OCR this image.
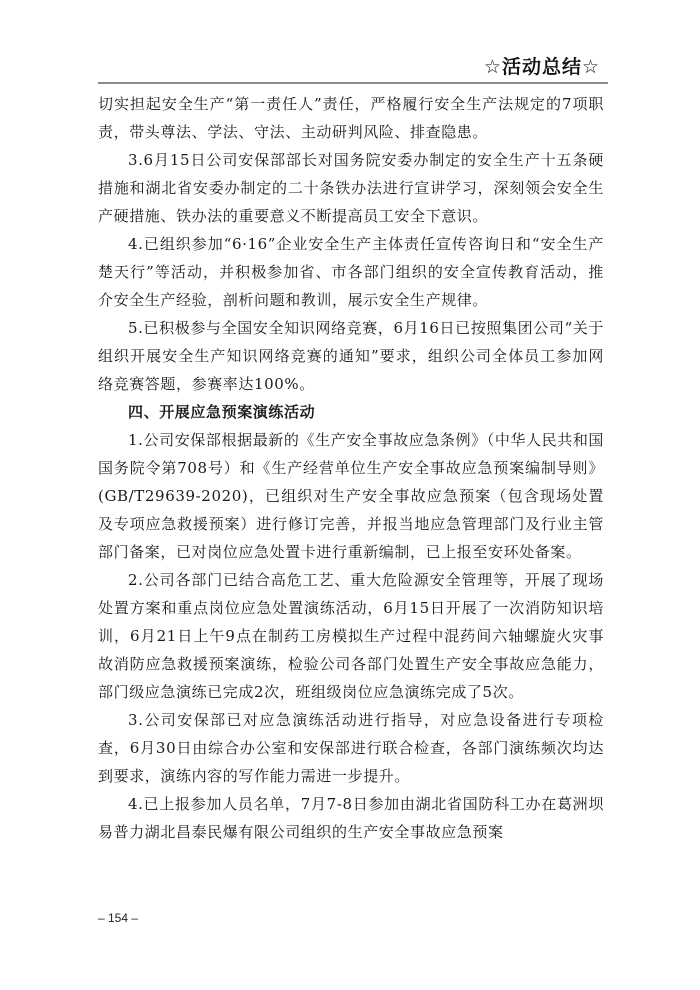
☆活动总结☆

切实担起安全生产“第一责任人”责任，严格履行安全生产法规定的7项职责，带头尊法、学法、守法、主动研判风险、排查隐患。

3.6月15日公司安保部部长对国务院安委办制定的安全生产十五条硬措施和湖北省安委办制定的二十条铁办法进行宣讲学习，深刻领会安全生产硬措施、铁办法的重要意义不断提高员工安全下意识。

4.已组织参加“6·16”企业安全生产主体责任宣传咨询日和“安全生产楚天行”等活动，并积极参加省、市各部门组织的安全宣传教育活动，推介安全生产经验，剖析问题和教训，展示安全生产规律。

5.已积极参与全国安全知识网络竞赛，6月16日已按照集团公司“关于组织开展安全生产知识网络竞赛的通知”要求，组织公司全体员工参加网络竞赛答题，参赛率达100%。

四、开展应急预案演练活动

1.公司安保部根据最新的《生产安全事故应急条例》（中华人民共和国国务院令第708号）和《生产经营单位生产安全事故应急预案编制导则》(GB/T29639-2020)，已组织对生产安全事故应急预案（包含现场处置及专项应急救援预案）进行修订完善，并报当地应急管理部门及行业主管部门备案，已对岗位应急处置卡进行重新编制，已上报至安环处备案。

2.公司各部门已结合高危工艺、重大危险源安全管理等，开展了现场处置方案和重点岗位应急处置演练活动，6月15日开展了一次消防知识培训，6月21日上午9点在制药工房模拟生产过程中混药间六轴螺旋火灾事故消防应急救援预案演练，检验公司各部门处置生产安全事故应急能力，部门级应急演练已完成2次，班组级岗位应急演练完成了5次。

3.公司安保部已对应急演练活动进行指导，对应急设备进行专项检查，6月30日由综合办公室和安保部进行联合检查，各部门演练频次均达到要求，演练内容的写作能力需进一步提升。

4.已上报参加人员名单，7月7-8日参加由湖北省国防科工办在葛洲坝易普力湖北昌泰民爆有限公司组织的生产安全事故应急预案

– 154 –
